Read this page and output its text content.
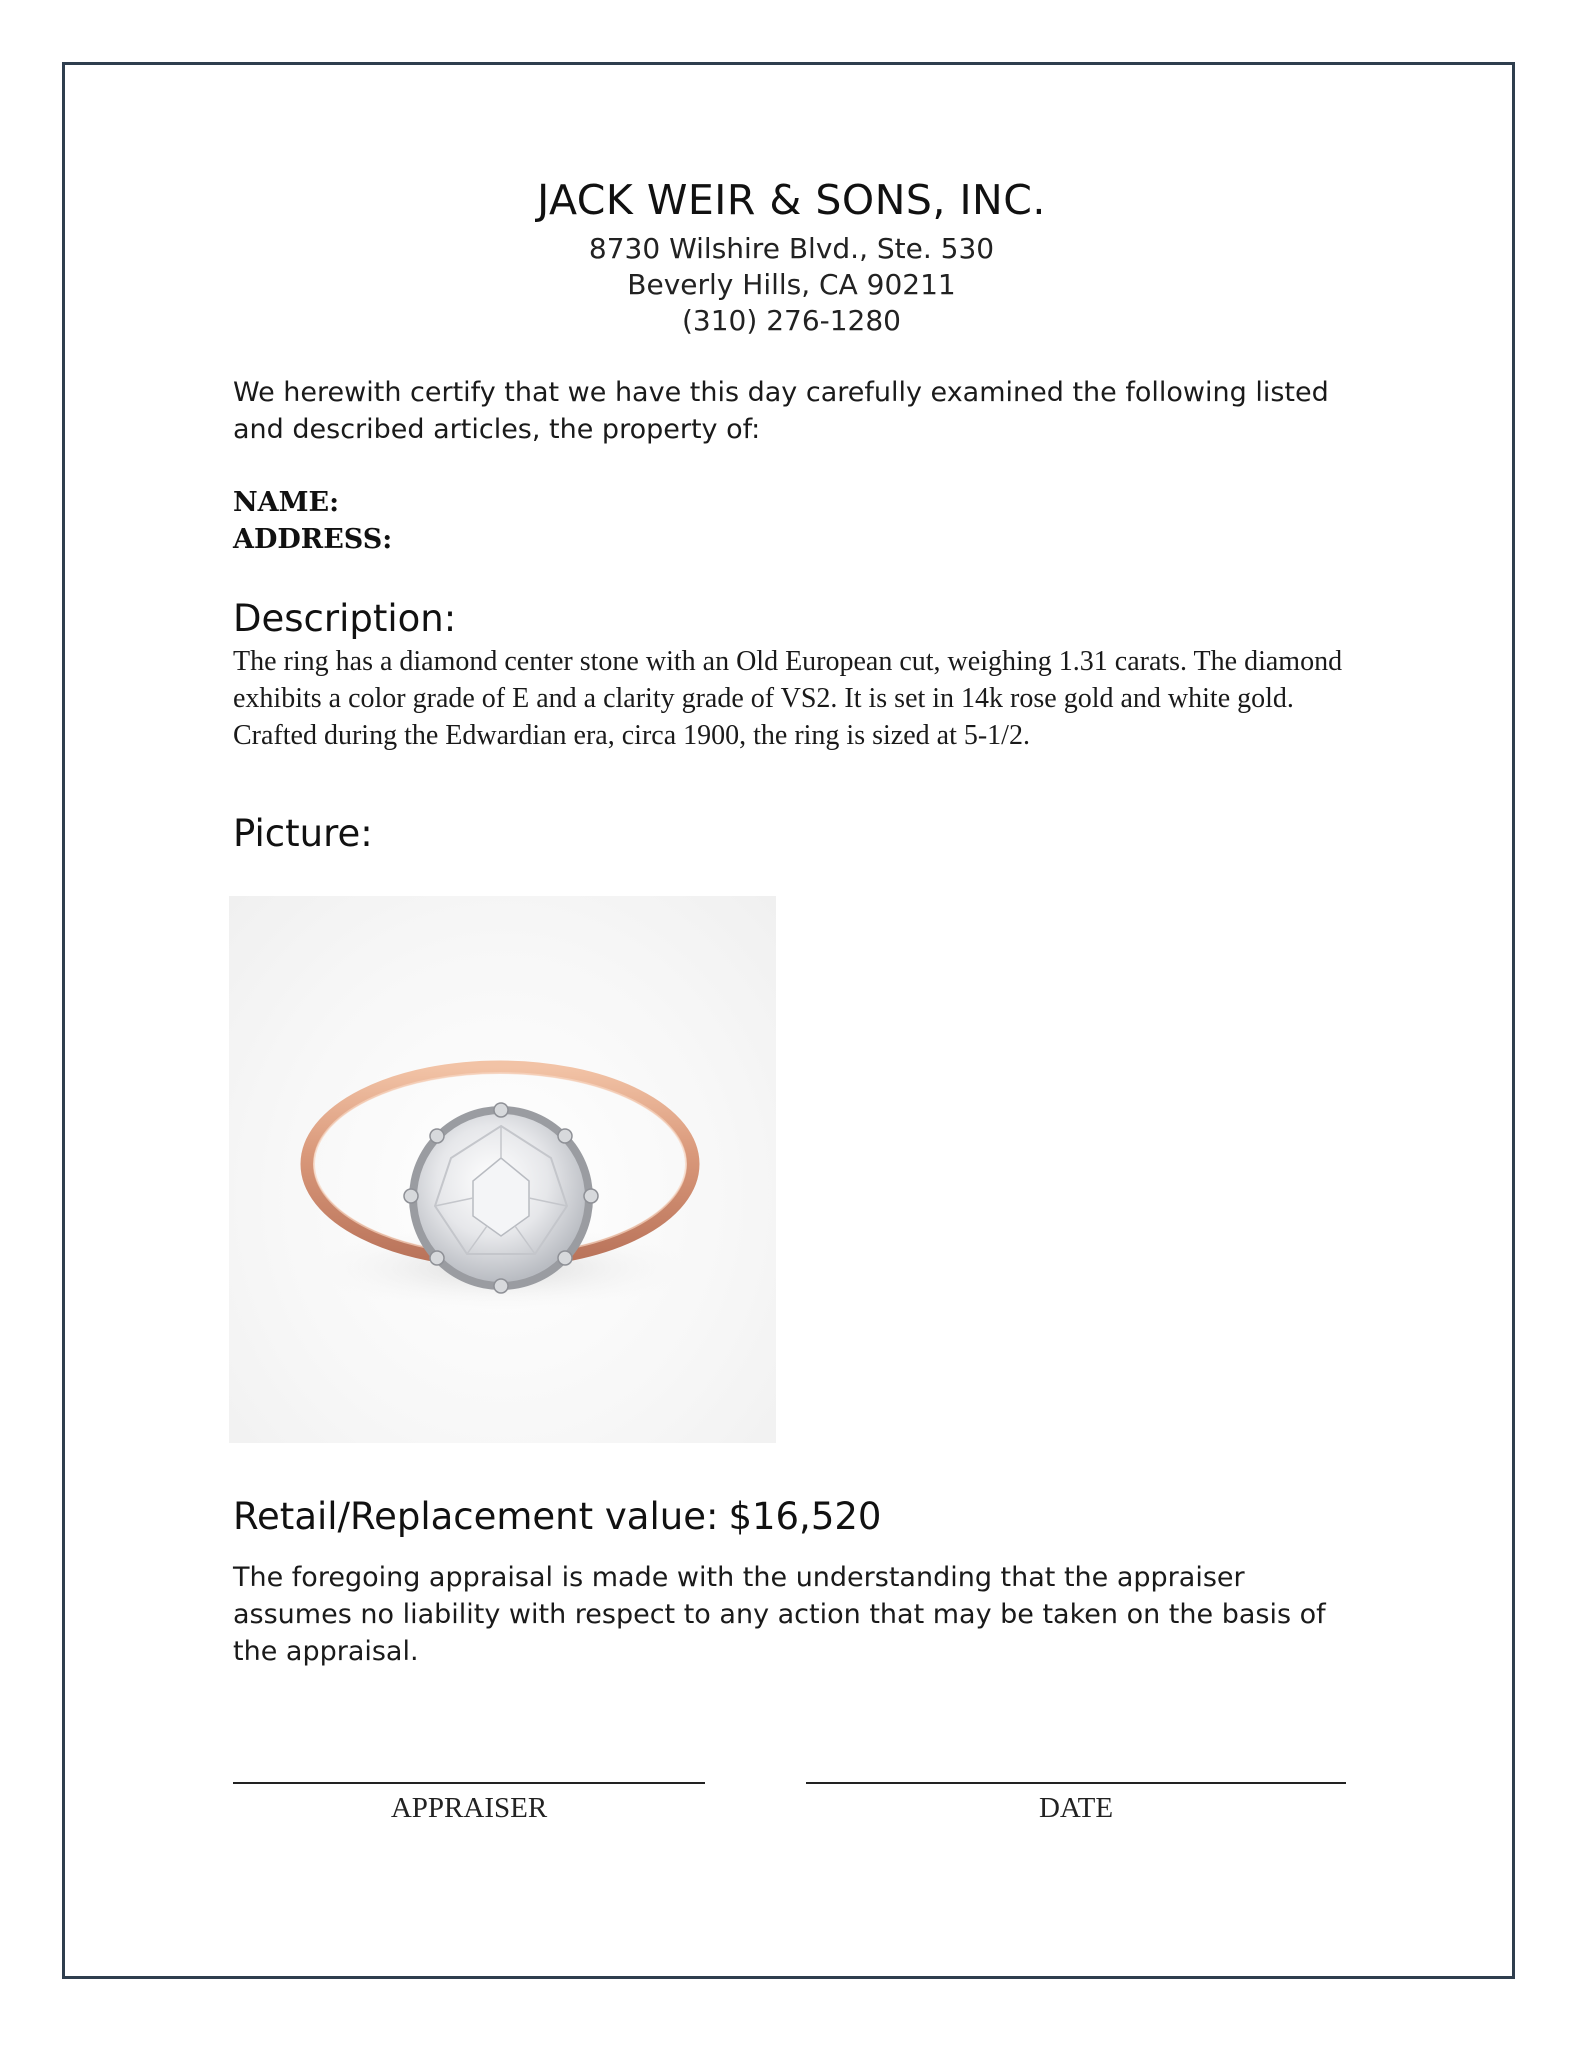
JACK WEIR & SONS, INC.
8730 Wilshire Blvd., Ste. 530
Beverly Hills, CA 90211
(310) 276-1280
We herewith certify that we have this day carefully examined the following listed and described articles, the property of:
NAME:
ADDRESS:
Description:
The ring has a diamond center stone with an Old European cut, weighing 1.31 carats. The diamond exhibits a color grade of E and a clarity grade of VS2. It is set in 14k rose gold and white gold. Crafted during the Edwardian era, circa 1900, the ring is sized at 5-1/2.
Picture:
Retail/Replacement value: $16,520
The foregoing appraisal is made with the understanding that the appraiser assumes no liability with respect to any action that may be taken on the basis of the appraisal.
APPRAISER	DATE
